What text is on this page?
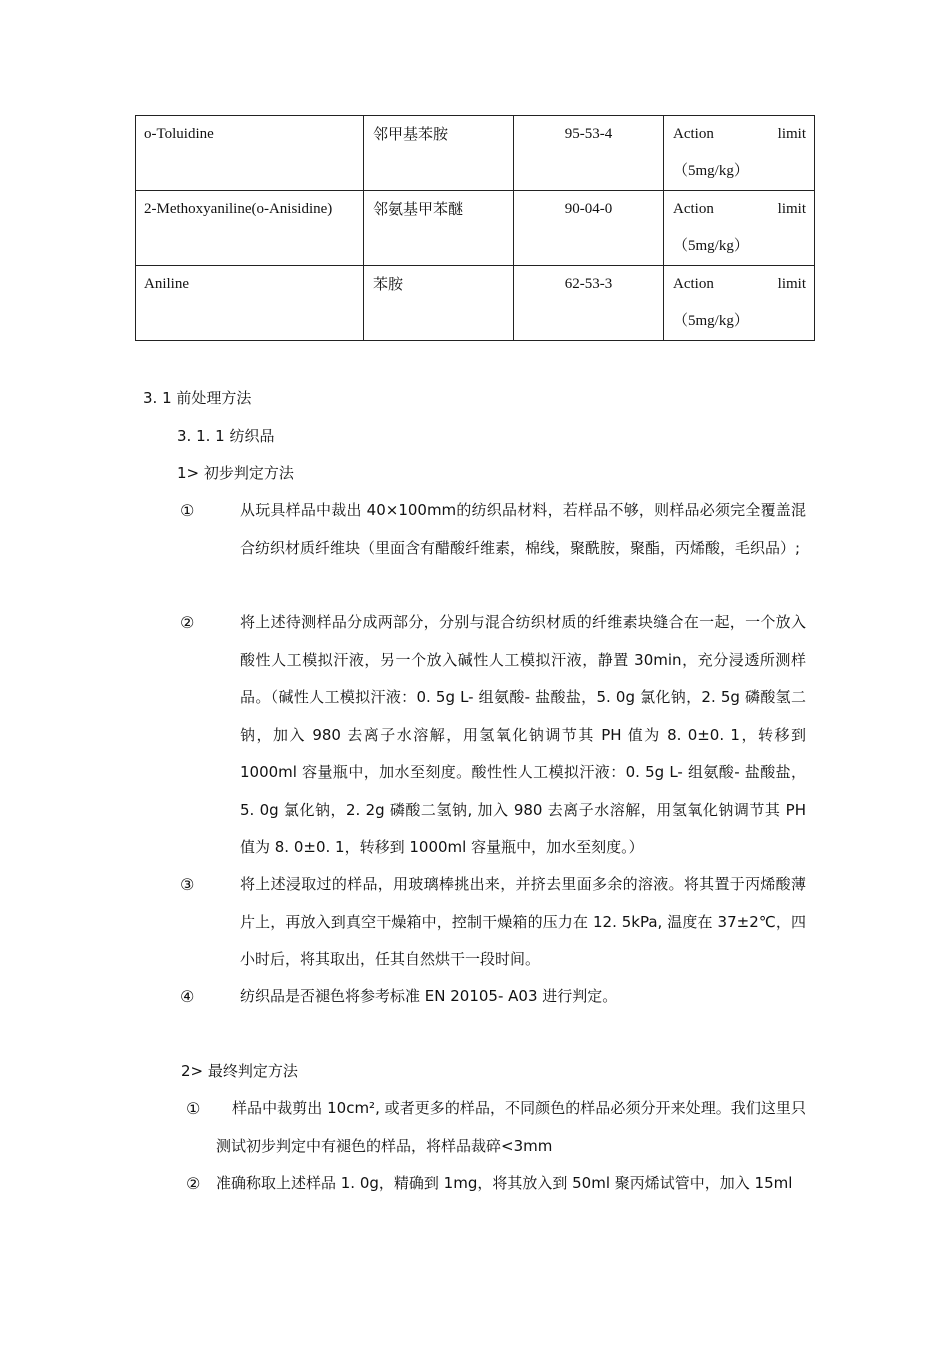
o-Toluidine	邻甲基苯胺	95-53-4	Action limit
（5mg/kg）

2-Methoxyaniline(o-Anisidine)	邻氨基甲苯醚	90-04-0	Action limit
（5mg/kg）

Aniline	苯胺	62-53-3	Action limit
（5mg/kg）
3. 1 前处理方法
3. 1. 1 纺织品
1> 初步判定方法
①	从玩具样品中裁出 40×100mm的纺织品材料，若样品不够，则样品必须完全覆盖混合纺织材质纤维块（里面含有醋酸纤维素，棉线，聚酰胺，聚酯，丙烯酸，毛织品）;
②	将上述待测样品分成两部分，分别与混合纺织材质的纤维素块缝合在一起，一个放入酸性人工模拟汗液，另一个放入碱性人工模拟汗液，静置 30min，充分浸透所测样品。（碱性人工模拟汗液：0. 5g L- 组氨酸- 盐酸盐，5. 0g 氯化钠，2. 5g 磷酸氢二钠，加入 980 去离子水溶解，用氢氧化钠调节其 PH 值为 8. 0±0. 1，转移到 1000ml 容量瓶中，加水至刻度。酸性性人工模拟汗液：0. 5g L- 组氨酸- 盐酸盐，5. 0g 氯化钠，2. 2g 磷酸二氢钠, 加入 980 去离子水溶解，用氢氧化钠调节其 PH 值为 8. 0±0. 1，转移到 1000ml 容量瓶中，加水至刻度。）
③	将上述浸取过的样品，用玻璃棒挑出来，并挤去里面多余的溶液。将其置于丙烯酸薄片上，再放入到真空干燥箱中，控制干燥箱的压力在 12. 5kPa, 温度在 37±2℃，四小时后，将其取出，任其自然烘干一段时间。
④	纺织品是否褪色将参考标准 EN 20105- A03 进行判定。
2> 最终判定方法
①	样品中裁剪出 10cm², 或者更多的样品，不同颜色的样品必须分开来处理。我们这里只测试初步判定中有褪色的样品，将样品裁碎<3mm
② 准确称取上述样品 1. 0g，精确到 1mg，将其放入到 50ml 聚丙烯试管中，加入 15ml
